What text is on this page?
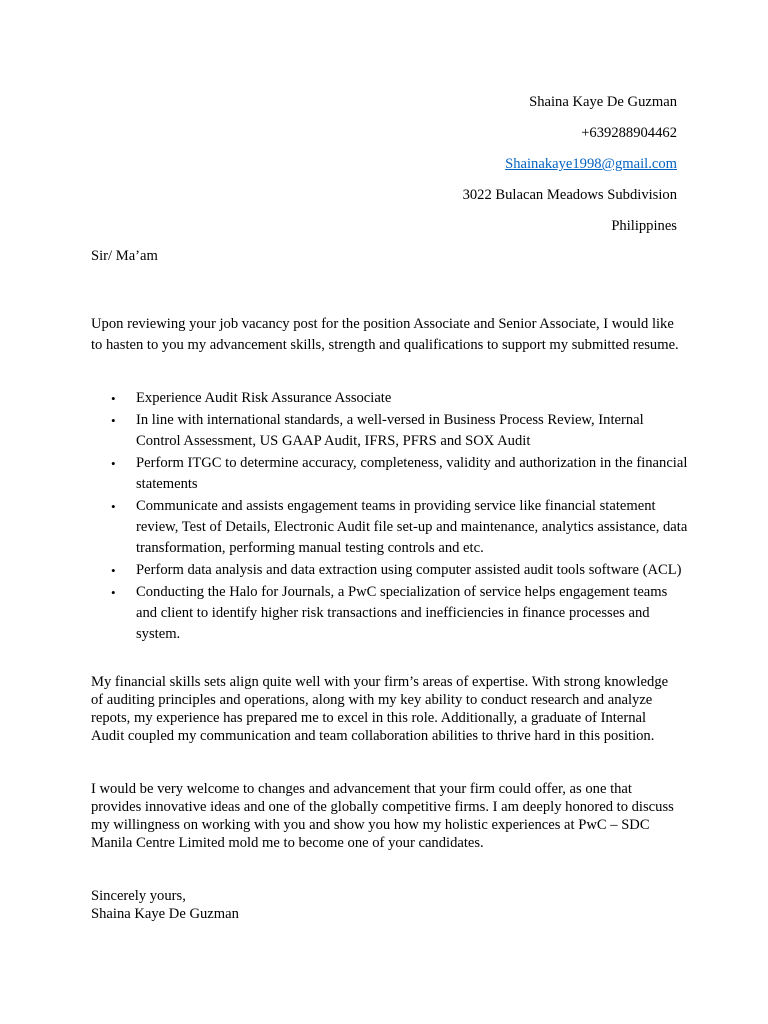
Shaina Kaye De Guzman
+639288904462
Shainakaye1998@gmail.com
3022 Bulacan Meadows Subdivision
Philippines
Sir/ Ma’am
Upon reviewing your job vacancy post for the position Associate and Senior Associate, I would like to hasten to you my advancement skills, strength and qualifications to support my submitted resume.
• Experience Audit Risk Assurance Associate
• In line with international standards, a well-versed in Business Process Review, Internal Control Assessment, US GAAP Audit, IFRS, PFRS and SOX Audit
• Perform ITGC to determine accuracy, completeness, validity and authorization in the financial statements
• Communicate and assists engagement teams in providing service like financial statement review, Test of Details, Electronic Audit file set-up and maintenance, analytics assistance, data transformation, performing manual testing controls and etc.
• Perform data analysis and data extraction using computer assisted audit tools software (ACL)
• Conducting the Halo for Journals, a PwC specialization of service helps engagement teams and client to identify higher risk transactions and inefficiencies in finance processes and system.
My financial skills sets align quite well with your firm’s areas of expertise. With strong knowledge of auditing principles and operations, along with my key ability to conduct research and analyze repots, my experience has prepared me to excel in this role. Additionally, a graduate of Internal Audit coupled my communication and team collaboration abilities to thrive hard in this position.
I would be very welcome to changes and advancement that your firm could offer, as one that provides innovative ideas and one of the globally competitive firms. I am deeply honored to discuss my willingness on working with you and show you how my holistic experiences at PwC – SDC Manila Centre Limited mold me to become one of your candidates.
Sincerely yours,
Shaina Kaye De Guzman
